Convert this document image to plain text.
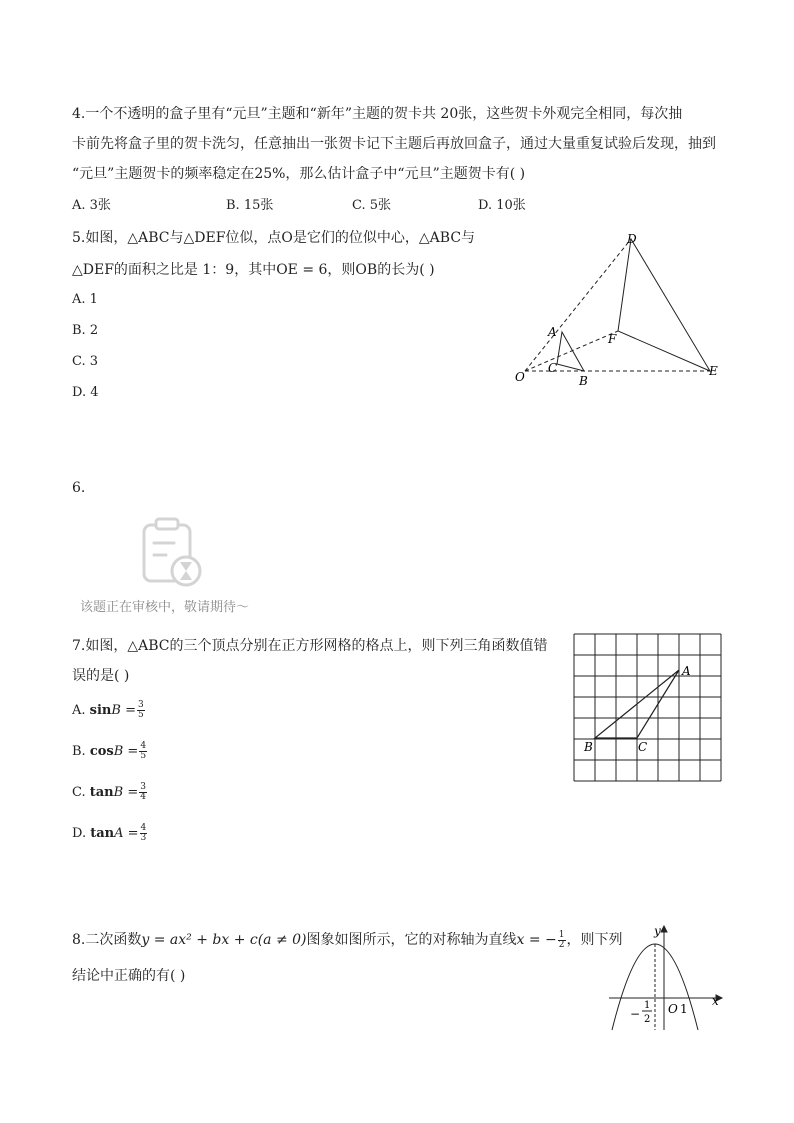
4.一个不透明的盒子里有“元旦”主题和“新年”主题的贺卡共 20张，这些贺卡外观完全相同，每次抽
卡前先将盒子里的贺卡洗匀，任意抽出一张贺卡记下主题后再放回盒子，通过大量重复试验后发现，抽到
“元旦”主题贺卡的频率稳定在25%，那么估计盒子中“元旦”主题贺卡有( )
A. 3张	B. 15张	C. 5张	D. 10张
5.如图，△ABC与△DEF位似，点O是它们的位似中心，△ABC与
△DEF的面积之比是 1：9，其中OE = 6，则OB的长为( )
A. 1
B. 2
C. 3
D. 4
D
A	F
C
O	B
E
6.
该题正在审核中，敬请期待～
7.如图，△ABC的三个顶点分别在正方形网格的格点上，则下列三角函数值错
误的是( )
A. $\sin B = \frac{3}{5}$
B. $\cos B = \frac{4}{5}$
C. $\tan B = \frac{3}{4}$
D. $\tan A = \frac{4}{3}$
A
B	C
8.二次函数y = ax² + bx + c(a ≠ 0)图象如图所示，它的对称轴为直线x = − $\frac{1}{2}$ ，则下列
结论中正确的有( )
y
x
O 1
−
1
2
